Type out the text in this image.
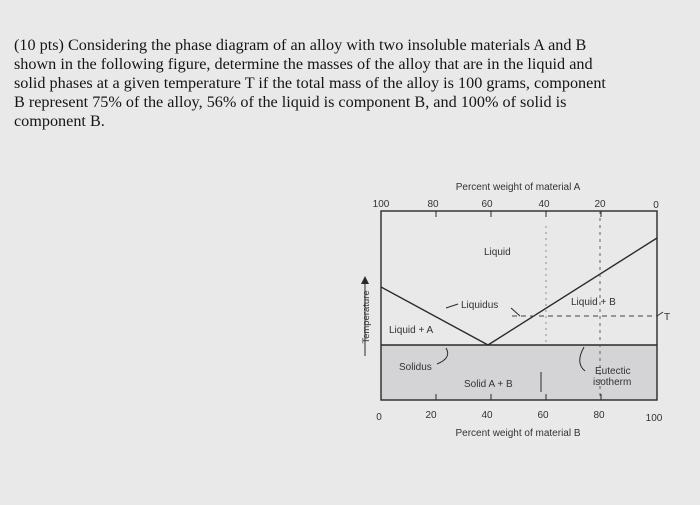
(10 pts) Considering the phase diagram of an alloy with two insoluble materials A and B
shown in the following figure, determine the masses of the alloy that are in the liquid and
solid phases at a given temperature T if the total mass of the alloy is 100 grams, component
B represent 75% of the alloy, 56% of the liquid is component B, and 100% of solid is
component B.
Percent weight of material A
100	80	60	40	20	0
0	20	40	60	80	100
Percent weight of material B
Temperature
Liquid
Liquidus	Liquid + B
Liquid + A
Solidus
Solid A + B
Eutectic
isotherm
T
